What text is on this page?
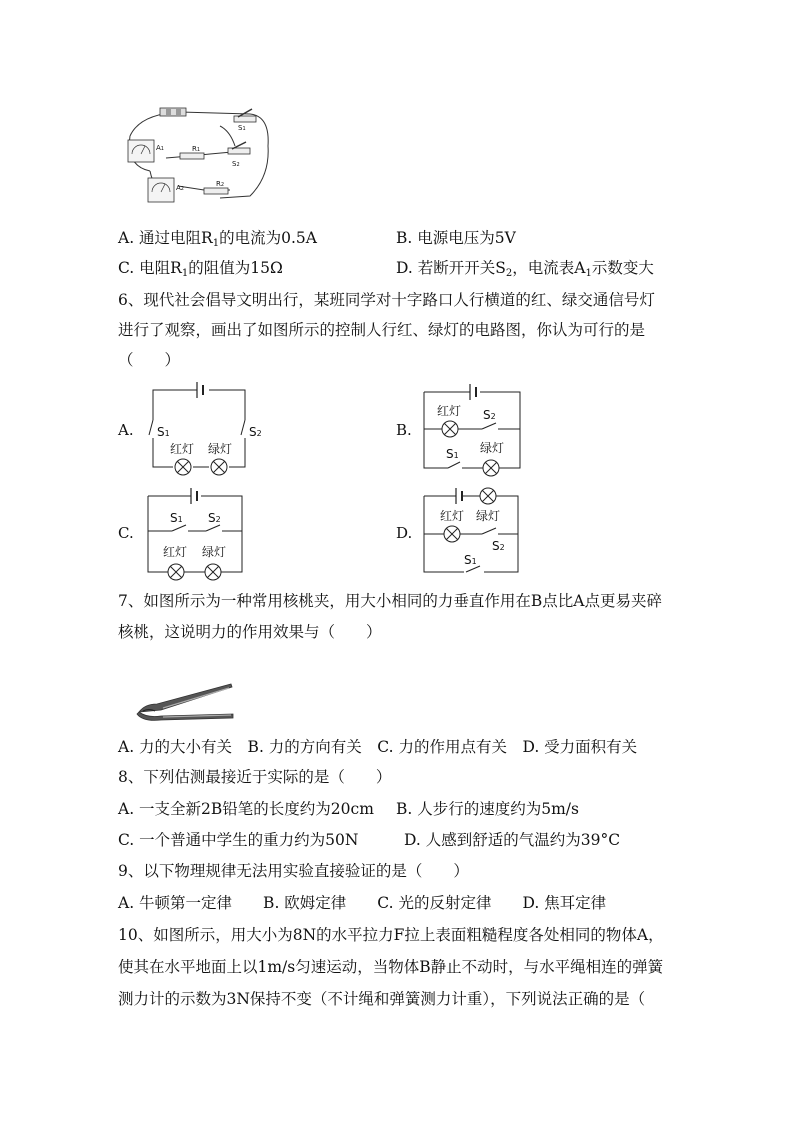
S1
S2
R1
R2
A1
A2
A. 通过电阻$R_1$的电流为0.5A	B. 电源电压为5V
C. 电阻$R_1$的阻值为15Ω	D. 若断开开关$S_2$，电流表$A_1$示数变大
6、现代社会倡导文明出行，某班同学对十字路口人行横道的红、绿交通信号灯
进行了观察，画出了如图所示的控制人行红、绿灯的电路图，你认为可行的是
（　　）
A.	B.
C.	D.
S1	S2
红灯 绿灯
红灯 S2
S1
绿灯
S1 S2
红灯 绿灯
红灯 绿灯
S2
S1
7、如图所示为一种常用核桃夹，用大小相同的力垂直作用在B点比A点更易夹碎
核桃，这说明力的作用效果与（　　）
A. 力的大小有关　B. 力的方向有关　C. 力的作用点有关　D. 受力面积有关
8、下列估测最接近于实际的是（　　）
A. 一支全新2B铅笔的长度约为20cm B. 人步行的速度约为5m/s
C. 一个普通中学生的重力约为50N	D. 人感到舒适的气温约为39°C
9、以下物理规律无法用实验直接验证的是（　　）
A. 牛顿第一定律　　B. 欧姆定律　　C. 光的反射定律　　D. 焦耳定律
10、如图所示，用大小为8N的水平拉力F拉上表面粗糙程度各处相同的物体A，
使其在水平地面上以1m/s匀速运动，当物体B静止不动时，与水平绳相连的弹簧
测力计的示数为3N保持不变（不计绳和弹簧测力计重），下列说法正确的是（
